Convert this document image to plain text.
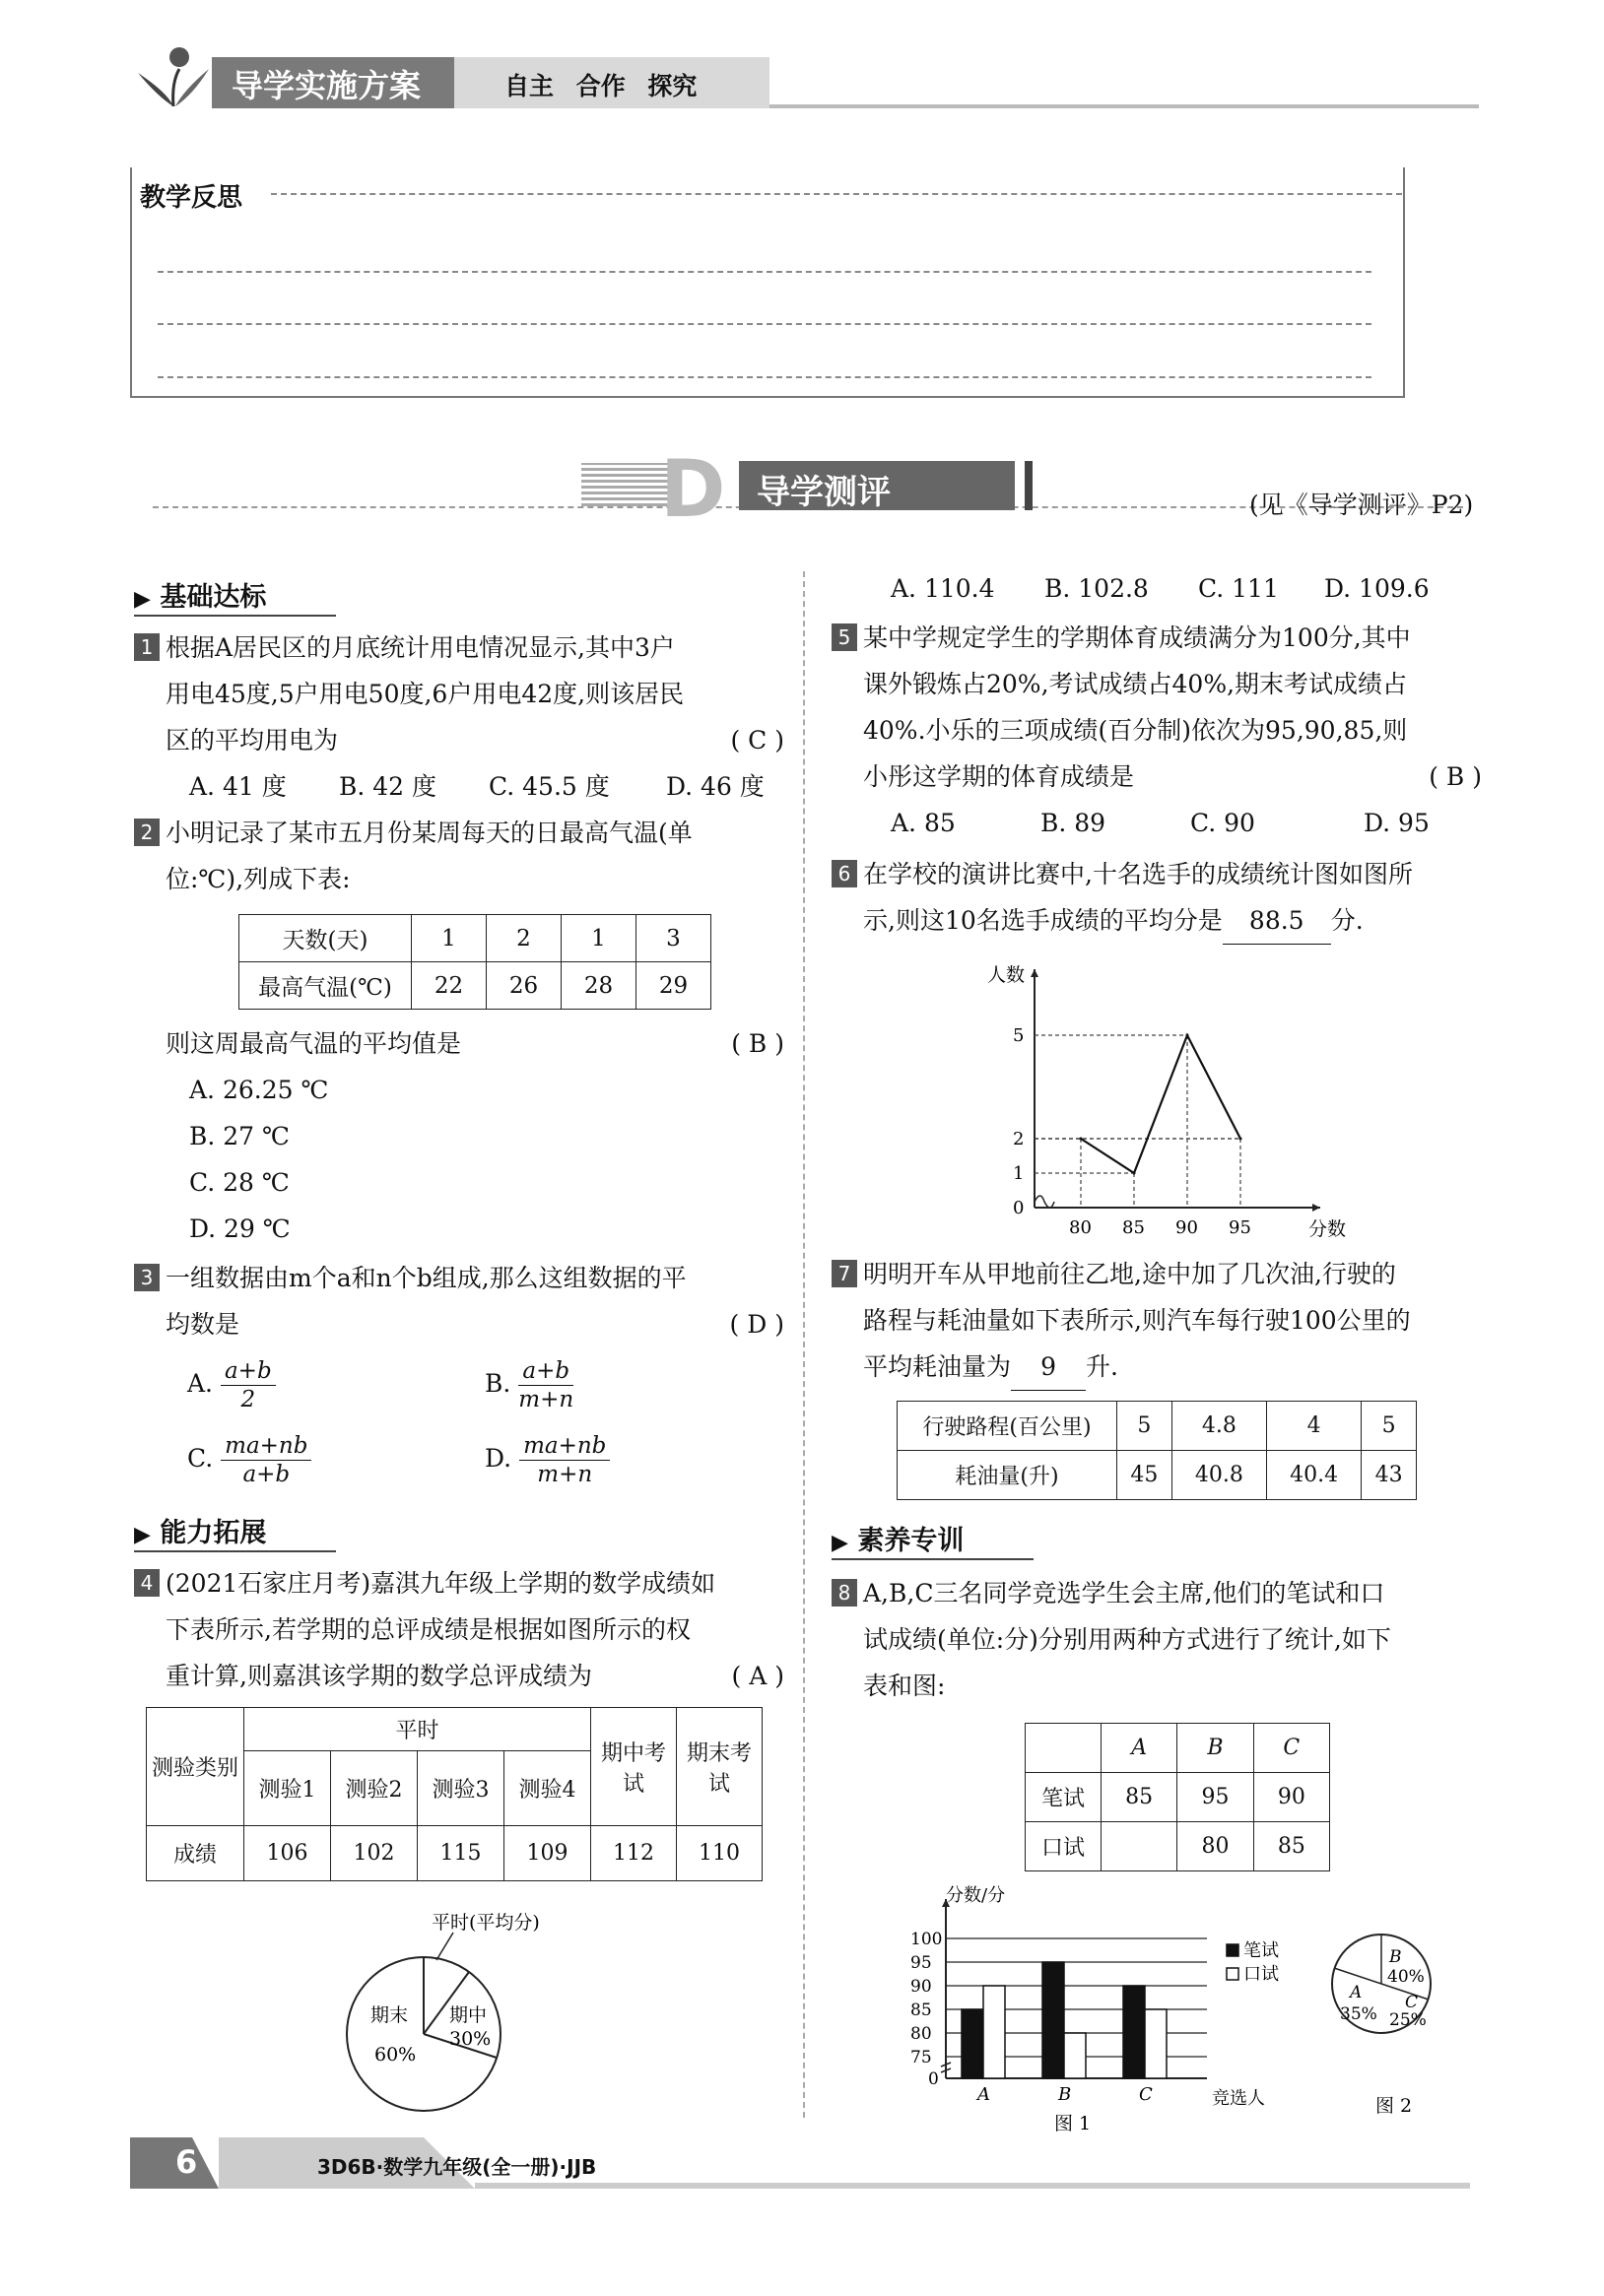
导学实施方案	自主 合作 探究
教学反思
D 导学测评	(见《导学测评》P2)
▶ 基础达标
1 根据A居民区的月底统计用电情况显示,其中3户
用电45度,5户用电50度,6户用电42度,则该居民
区的平均用电为	( C )
A. 41 度	B. 42 度	C. 45.5 度	D. 46 度
2 小明记录了某市五月份某周每天的日最高气温(单
位:℃),列成下表:
天数(天)	1	2	1	3
最高气温(℃)	22	26	28	29
则这周最高气温的平均值是	( B )
A. 26.25 ℃
B. 27 ℃
C. 28 ℃
D. 29 ℃
3 一组数据由m个a和n个b组成,那么这组数据的平
均数是	( D )
A. $\frac{a+b}{2}$	B. $\frac{a+b}{m+n}$
C. $\frac{ma+nb}{a+b}$	D. $\frac{ma+nb}{m+n}$
▶ 能力拓展
4 (2021石家庄月考)嘉淇九年级上学期的数学成绩如
下表所示,若学期的总评成绩是根据如图所示的权
重计算,则嘉淇该学期的数学总评成绩为	( A )
测验类别	平时				期中考试	期末考试
	测验1	测验2	测验3	测验4		
成绩	106	102	115	109	112	110
平时(平均分)
期末
60%
期中
30%
A. 110.4	B. 102.8	C. 111	D. 109.6
5 某中学规定学生的学期体育成绩满分为100分,其中
课外锻炼占20%,考试成绩占40%,期末考试成绩占
40%.小乐的三项成绩(百分制)依次为95,90,85,则
小彤这学期的体育成绩是	( B )
A. 85	B. 89	C. 90	D. 95
6 在学校的演讲比赛中,十名选手的成绩统计图如图所
示,则这10名选手成绩的平均分是 88.5 分.
人数
分数
0
1
2
5
80 85 90 95
7 明明开车从甲地前往乙地,途中加了几次油,行驶的
路程与耗油量如下表所示,则汽车每行驶100公里的
平均耗油量为 9 升.
行驶路程(百公里)	5	4.8	4	5
耗油量(升)	45	40.8	40.4	43
▶ 素养专训
8 A,B,C三名同学竞选学生会主席,他们的笔试和口
试成绩(单位:分)分别用两种方式进行了统计,如下
表和图:
	A	B	C
笔试	85	95	90
口试		80	85
分数/分
竞选人
0
75
80
85
90
95
100
A	B	C
笔试
口试
图 1
B
40%
A
35%
C
25%
图 2
6	3D6B·数学九年级(全一册)·JJB
